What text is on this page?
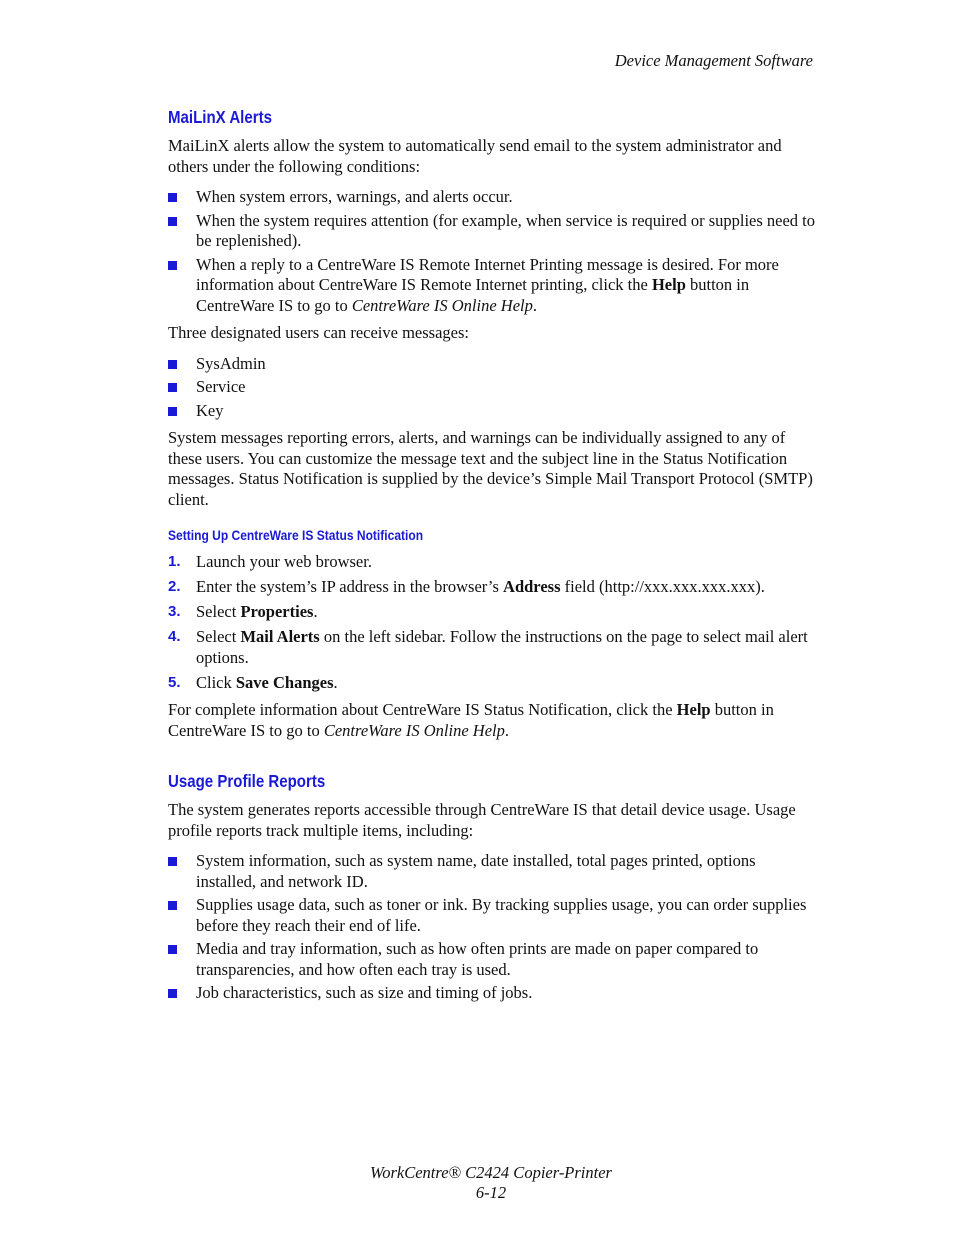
Device Management Software
MaiLinX Alerts

MaiLinX alerts allow the system to automatically send email to the system administrator and others under the following conditions:

When system errors, warnings, and alerts occur.
When the system requires attention (for example, when service is required or supplies need to be replenished).
When a reply to a CentreWare IS Remote Internet Printing message is desired. For more information about CentreWare IS Remote Internet printing, click the Help button in CentreWare IS to go to CentreWare IS Online Help.

Three designated users can receive messages:

SysAdmin
Service
Key

System messages reporting errors, alerts, and warnings can be individually assigned to any of these users. You can customize the message text and the subject line in the Status Notification messages. Status Notification is supplied by the device’s Simple Mail Transport Protocol (SMTP) client.

Setting Up CentreWare IS Status Notification
1. Launch your web browser.
2. Enter the system’s IP address in the browser’s Address field (http://xxx.xxx.xxx.xxx).
3. Select Properties.
4. Select Mail Alerts on the left sidebar. Follow the instructions on the page to select mail alert options.
5. Click Save Changes.

For complete information about CentreWare IS Status Notification, click the Help button in CentreWare IS to go to CentreWare IS Online Help.

Usage Profile Reports

The system generates reports accessible through CentreWare IS that detail device usage. Usage profile reports track multiple items, including:

System information, such as system name, date installed, total pages printed, options installed, and network ID.
Supplies usage data, such as toner or ink. By tracking supplies usage, you can order supplies before they reach their end of life.
Media and tray information, such as how often prints are made on paper compared to transparencies, and how often each tray is used.
Job characteristics, such as size and timing of jobs.
WorkCentre® C2424 Copier-Printer
6-12
